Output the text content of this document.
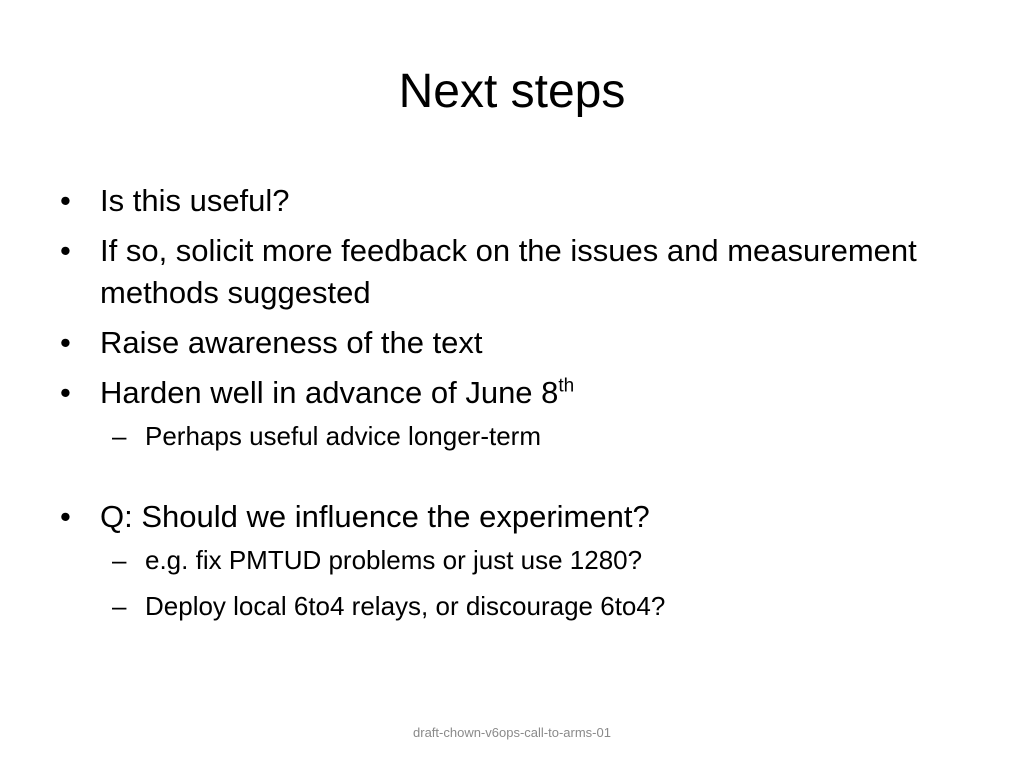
Next steps

• Is this useful?

• If so, solicit more feedback on the issues and measurement methods suggested

• Raise awareness of the text

• Harden well in advance of June 8th

– Perhaps useful advice longer-term

• Q: Should we influence the experiment?

– e.g. fix PMTUD problems or just use 1280?

– Deploy local 6to4 relays, or discourage 6to4?

draft-chown-v6ops-call-to-arms-01
